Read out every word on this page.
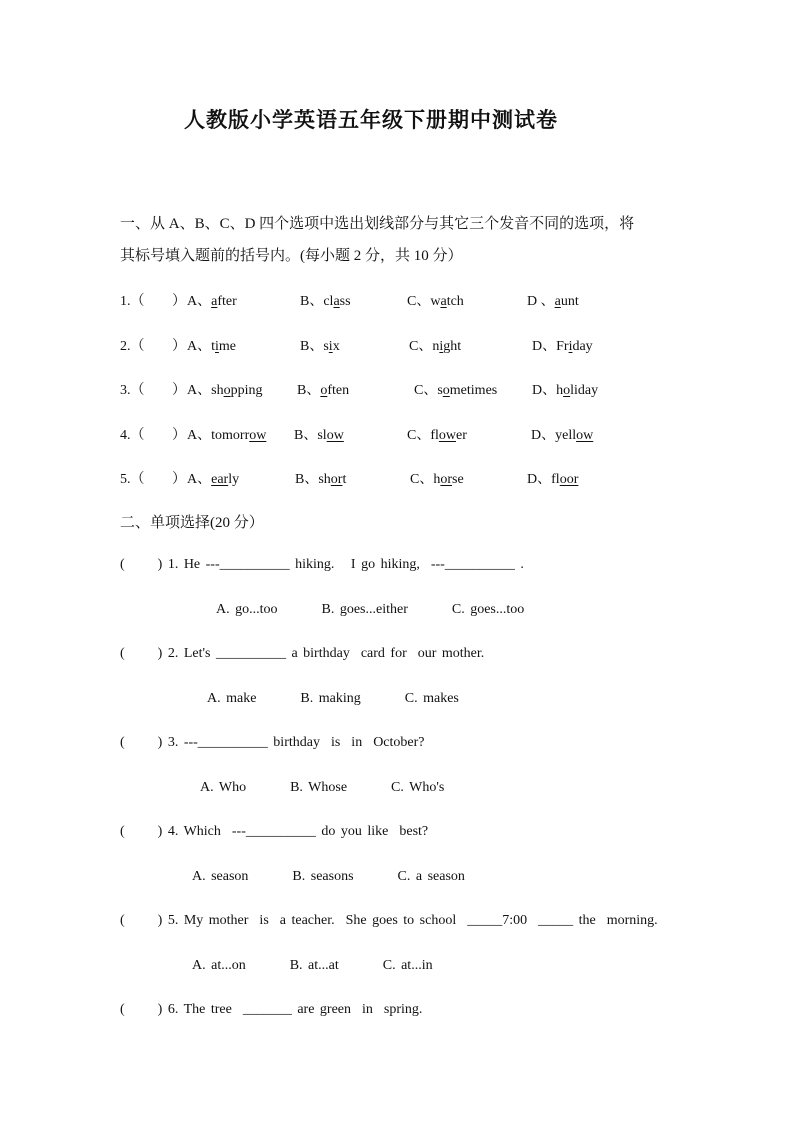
人教版小学英语五年级下册期中测试卷
一、从 A、B、C、D 四个选项中选出划线部分与其它三个发音不同的选项，将
其标号填入题前的括号内。(每小题 2 分，共 10 分）
1.（ ） A、after	B、class	C、watch	D 、aunt
2.（ ） A、time	B、six	C、night	D、Friday
3.（ ） A、shopping B、often	C、sometimes D、holiday
4.（ ） A、tomorrow B、slow	C、flower	D、yellow
5.（ ） A、early	B、short	C、horse	D、floor
二、单项选择(20 分）
(      ) 1. He ---__________ hiking.   I go hiking,  ---__________ .
A. go...too        B. goes...either        C. goes...too
(      ) 2. Let's __________ a birthday  card for  our mother.
A. make        B. making        C. makes
(      ) 3. ---__________ birthday  is  in  October?
A. Who        B. Whose        C. Who's
(      ) 4. Which  ---__________ do you like  best?
A. season        B. seasons        C. a season
(      ) 5. My mother  is  a teacher.  She goes to school  _____7:00  _____ the  morning.
A. at...on        B. at...at        C. at...in
(      ) 6. The tree  _______ are green  in  spring.
